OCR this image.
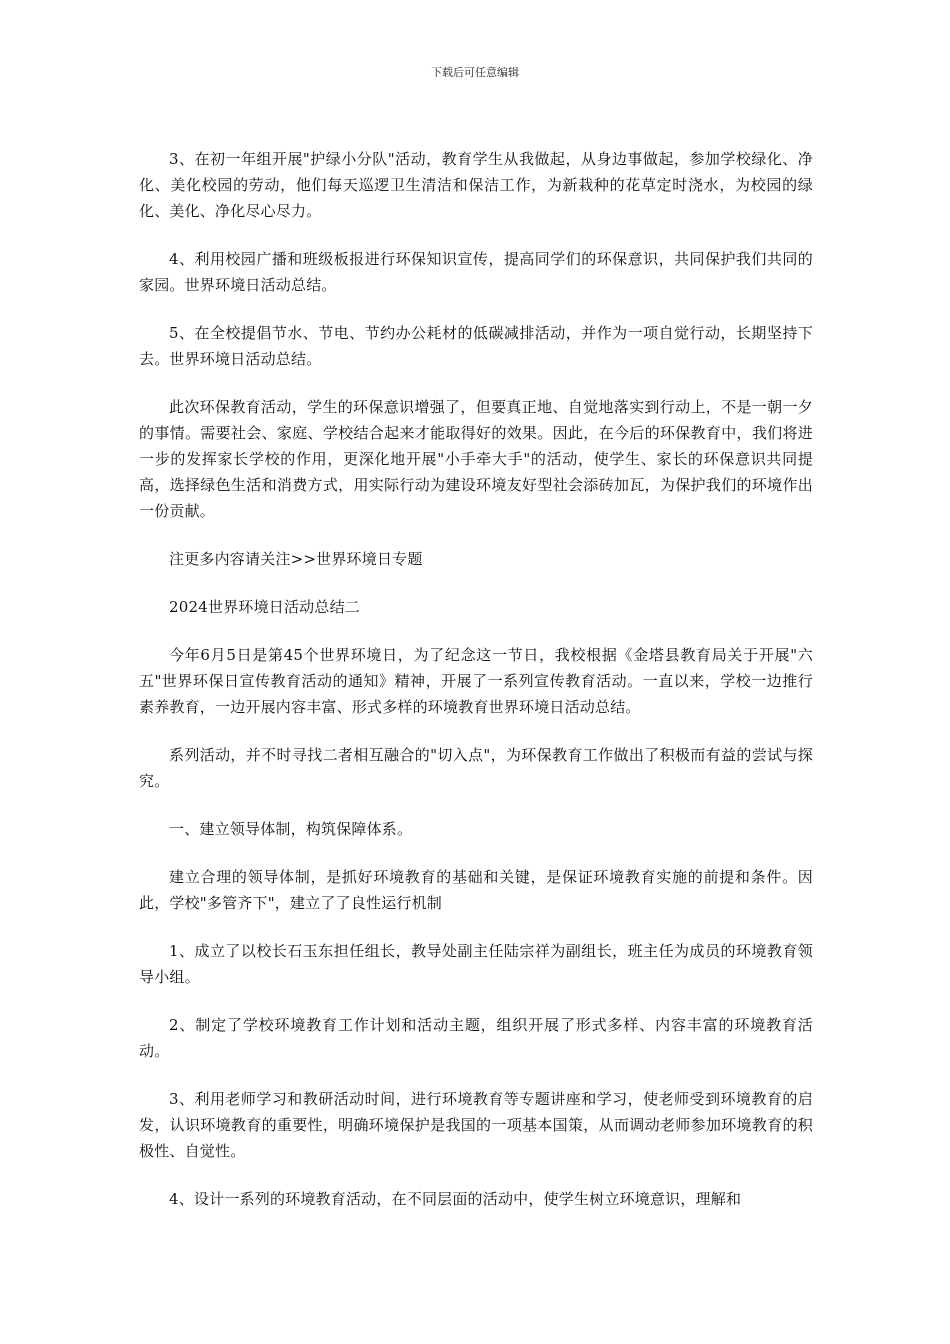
下载后可任意编辑

3、在初一年组开展"护绿小分队"活动，教育学生从我做起，从身边事做起，参加学校绿化、净化、美化校园的劳动，他们每天巡逻卫生清洁和保洁工作，为新栽种的花草定时浇水，为校园的绿化、美化、净化尽心尽力。

4、利用校园广播和班级板报进行环保知识宣传，提高同学们的环保意识，共同保护我们共同的家园。世界环境日活动总结。

5、在全校提倡节水、节电、节约办公耗材的低碳减排活动，并作为一项自觉行动，长期坚持下去。世界环境日活动总结。

此次环保教育活动，学生的环保意识增强了，但要真正地、自觉地落实到行动上，不是一朝一夕的事情。需要社会、家庭、学校结合起来才能取得好的效果。因此，在今后的环保教育中，我们将进一步的发挥家长学校的作用，更深化地开展"小手牵大手"的活动，使学生、家长的环保意识共同提高，选择绿色生活和消费方式，用实际行动为建设环境友好型社会添砖加瓦，为保护我们的环境作出一份贡献。

注更多内容请关注>>世界环境日专题

2024世界环境日活动总结二

今年6月5日是第45个世界环境日，为了纪念这一节日，我校根据《金塔县教育局关于开展"六五"世界环保日宣传教育活动的通知》精神，开展了一系列宣传教育活动。一直以来，学校一边推行素养教育，一边开展内容丰富、形式多样的环境教育世界环境日活动总结。

系列活动，并不时寻找二者相互融合的"切入点"，为环保教育工作做出了积极而有益的尝试与探究。

一、建立领导体制，构筑保障体系。

建立合理的领导体制，是抓好环境教育的基础和关键，是保证环境教育实施的前提和条件。因此，学校"多管齐下"，建立了了良性运行机制

1、成立了以校长石玉东担任组长，教导处副主任陆宗祥为副组长，班主任为成员的环境教育领导小组。

2、制定了学校环境教育工作计划和活动主题，组织开展了形式多样、内容丰富的环境教育活动。

3、利用老师学习和教研活动时间，进行环境教育等专题讲座和学习，使老师受到环境教育的启发，认识环境教育的重要性，明确环境保护是我国的一项基本国策，从而调动老师参加环境教育的积极性、自觉性。

4、设计一系列的环境教育活动，在不同层面的活动中，使学生树立环境意识，理解和
